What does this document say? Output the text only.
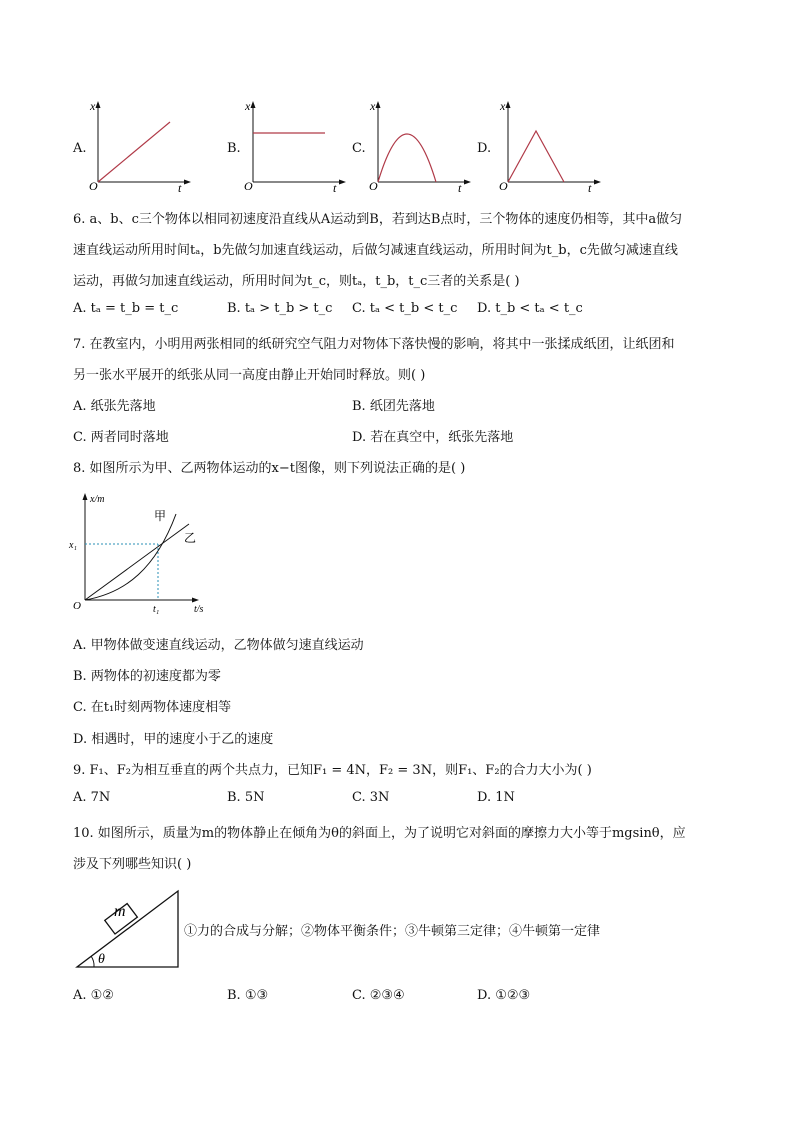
A.
x
O	t
B.
x
O	t
C.
x
O	t
D.
x
O	t
6. a、b、c三个物体以相同初速度沿直线从A运动到B，若到达B点时，三个物体的速度仍相等，其中a做匀
速直线运动所用时间tₐ，b先做匀加速直线运动，后做匀减速直线运动，所用时间为t_b，c先做匀减速直线
运动，再做匀加速直线运动，所用时间为t_c，则tₐ，t_b，t_c三者的关系是( )
A. tₐ = t_b = t_c	B. tₐ > t_b > t_c C. tₐ < t_b < t_c D. t_b < tₐ < t_c
7. 在教室内，小明用两张相同的纸研究空气阻力对物体下落快慢的影响，将其中一张揉成纸团，让纸团和
另一张水平展开的纸张从同一高度由静止开始同时释放。则( )
A. 纸张先落地	B. 纸团先落地
C. 两者同时落地	D. 若在真空中，纸张先落地
8. 如图所示为甲、乙两物体运动的x−t图像，则下列说法正确的是( )
x/m
x₁
O	t₁	t/s
甲
乙
A. 甲物体做变速直线运动，乙物体做匀速直线运动
B. 两物体的初速度都为零
C. 在t₁时刻两物体速度相等
D. 相遇时，甲的速度小于乙的速度
9. F₁、F₂为相互垂直的两个共点力，已知F₁ = 4N，F₂ = 3N，则F₁、F₂的合力大小为( )
A. 7N	B. 5N	C. 3N	D. 1N
10. 如图所示，质量为m的物体静止在倾角为θ的斜面上，为了说明它对斜面的摩擦力大小等于mgsinθ，应
涉及下列哪些知识( )
m
θ
①力的合成与分解；②物体平衡条件；③牛顿第三定律；④牛顿第一定律
A. ①②	B. ①③	C. ②③④	D. ①②③
